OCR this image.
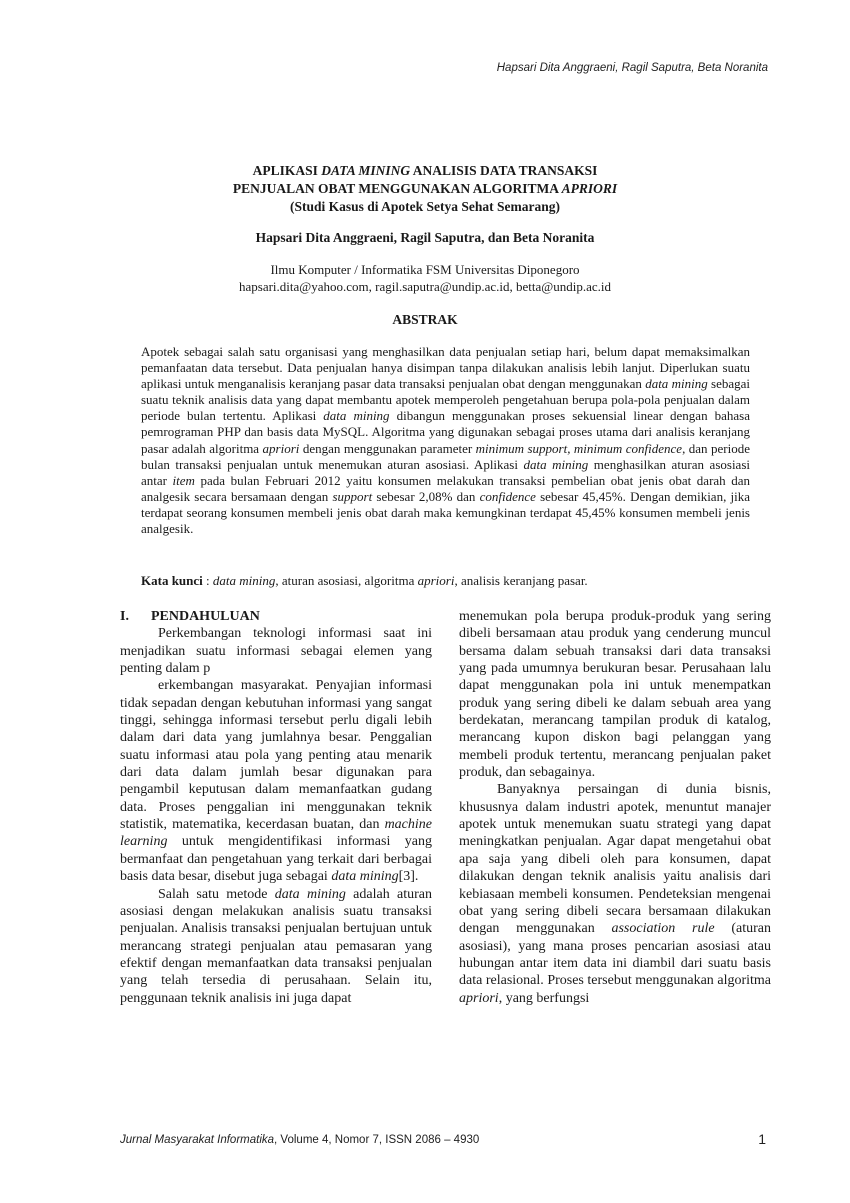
Hapsari Dita Anggraeni, Ragil Saputra, Beta Noranita
APLIKASI DATA MINING ANALISIS DATA TRANSAKSI
PENJUALAN OBAT MENGGUNAKAN ALGORITMA APRIORI
(Studi Kasus di Apotek Setya Sehat Semarang)
Hapsari Dita Anggraeni, Ragil Saputra, dan Beta Noranita
Ilmu Komputer / Informatika FSM Universitas Diponegoro
hapsari.dita@yahoo.com, ragil.saputra@undip.ac.id, betta@undip.ac.id
ABSTRAK

Apotek sebagai salah satu organisasi yang menghasilkan data penjualan setiap hari, belum dapat memaksimalkan pemanfaatan data tersebut. Data penjualan hanya disimpan tanpa dilakukan analisis lebih lanjut. Diperlukan suatu aplikasi untuk menganalisis keranjang pasar data transaksi penjualan obat dengan menggunakan data mining sebagai suatu teknik analisis data yang dapat membantu apotek memperoleh pengetahuan berupa pola-pola penjualan dalam periode bulan tertentu. Aplikasi data mining dibangun menggunakan proses sekuensial linear dengan bahasa pemrograman PHP dan basis data MySQL. Algoritma yang digunakan sebagai proses utama dari analisis keranjang pasar adalah algoritma apriori dengan menggunakan parameter minimum support, minimum confidence, dan periode bulan transaksi penjualan untuk menemukan aturan asosiasi. Aplikasi data mining menghasilkan aturan asosiasi antar item pada bulan Februari 2012 yaitu konsumen melakukan transaksi pembelian obat jenis obat darah dan analgesik secara bersamaan dengan support sebesar 2,08% dan confidence sebesar 45,45%. Dengan demikian, jika terdapat seorang konsumen membeli jenis obat darah maka kemungkinan terdapat 45,45% konsumen membeli jenis analgesik.

Kata kunci : data mining, aturan asosiasi, algoritma apriori, analisis keranjang pasar.

I. PENDAHULUAN

Perkembangan teknologi informasi saat ini menjadikan suatu informasi sebagai elemen yang penting dalam p

erkembangan masyarakat. Penyajian informasi tidak sepadan dengan kebutuhan informasi yang sangat tinggi, sehingga informasi tersebut perlu digali lebih dalam dari data yang jumlahnya besar. Penggalian suatu informasi atau pola yang penting atau menarik dari data dalam jumlah besar digunakan para pengambil keputusan dalam memanfaatkan gudang data. Proses penggalian ini menggunakan teknik statistik, matematika, kecerdasan buatan, dan machine learning untuk mengidentifikasi informasi yang bermanfaat dan pengetahuan yang terkait dari berbagai basis data besar, disebut juga sebagai data mining[3].

Salah satu metode data mining adalah aturan asosiasi dengan melakukan analisis suatu transaksi penjualan. Analisis transaksi penjualan bertujuan untuk merancang strategi penjualan atau pemasaran yang efektif dengan memanfaatkan data transaksi penjualan yang telah tersedia di perusahaan. Selain itu, penggunaan teknik analisis ini juga dapat

menemukan pola berupa produk-produk yang sering dibeli bersamaan atau produk yang cenderung muncul bersama dalam sebuah transaksi dari data transaksi yang pada umumnya berukuran besar. Perusahaan lalu dapat menggunakan pola ini untuk menempatkan produk yang sering dibeli ke dalam sebuah area yang berdekatan, merancang tampilan produk di katalog, merancang kupon diskon bagi pelanggan yang membeli produk tertentu, merancang penjualan paket produk, dan sebagainya.

Banyaknya persaingan di dunia bisnis, khususnya dalam industri apotek, menuntut manajer apotek untuk menemukan suatu strategi yang dapat meningkatkan penjualan. Agar dapat mengetahui obat apa saja yang dibeli oleh para konsumen, dapat dilakukan dengan teknik analisis yaitu analisis dari kebiasaan membeli konsumen. Pendeteksian mengenai obat yang sering dibeli secara bersamaan dilakukan dengan menggunakan association rule (aturan asosiasi), yang mana proses pencarian asosiasi atau hubungan antar item data ini diambil dari suatu basis data relasional. Proses tersebut menggunakan algoritma apriori, yang berfungsi

Jurnal Masyarakat Informatika, Volume 4, Nomor 7, ISSN 2086 – 4930	1
